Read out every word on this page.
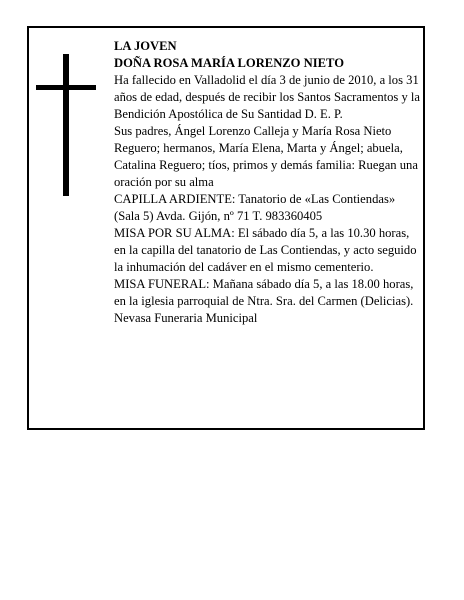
LA JOVEN

DOÑA ROSA MARÍA LORENZO NIETO

Ha fallecido en Valladolid el día 3 de junio de 2010, a los 31 años de edad, después de recibir los Santos Sacramentos y la Bendición Apostólica de Su Santidad D. E. P.

Sus padres, Ángel Lorenzo Calleja y María Rosa Nieto Reguero; hermanos, María Elena, Marta y Ángel; abuela, Catalina Reguero; tíos, primos y demás familia: Ruegan una oración por su alma

CAPILLA ARDIENTE: Tanatorio de «Las Contiendas» (Sala 5) Avda. Gijón, nº 71 T. 983360405

MISA POR SU ALMA: El sábado día 5, a las 10.30 horas, en la capilla del tanatorio de Las Contiendas, y acto seguido la inhumación del cadáver en el mismo cementerio.

MISA FUNERAL: Mañana sábado día 5, a las 18.00 horas, en la iglesia parroquial de Ntra. Sra. del Carmen (Delicias).

Nevasa Funeraria Municipal
